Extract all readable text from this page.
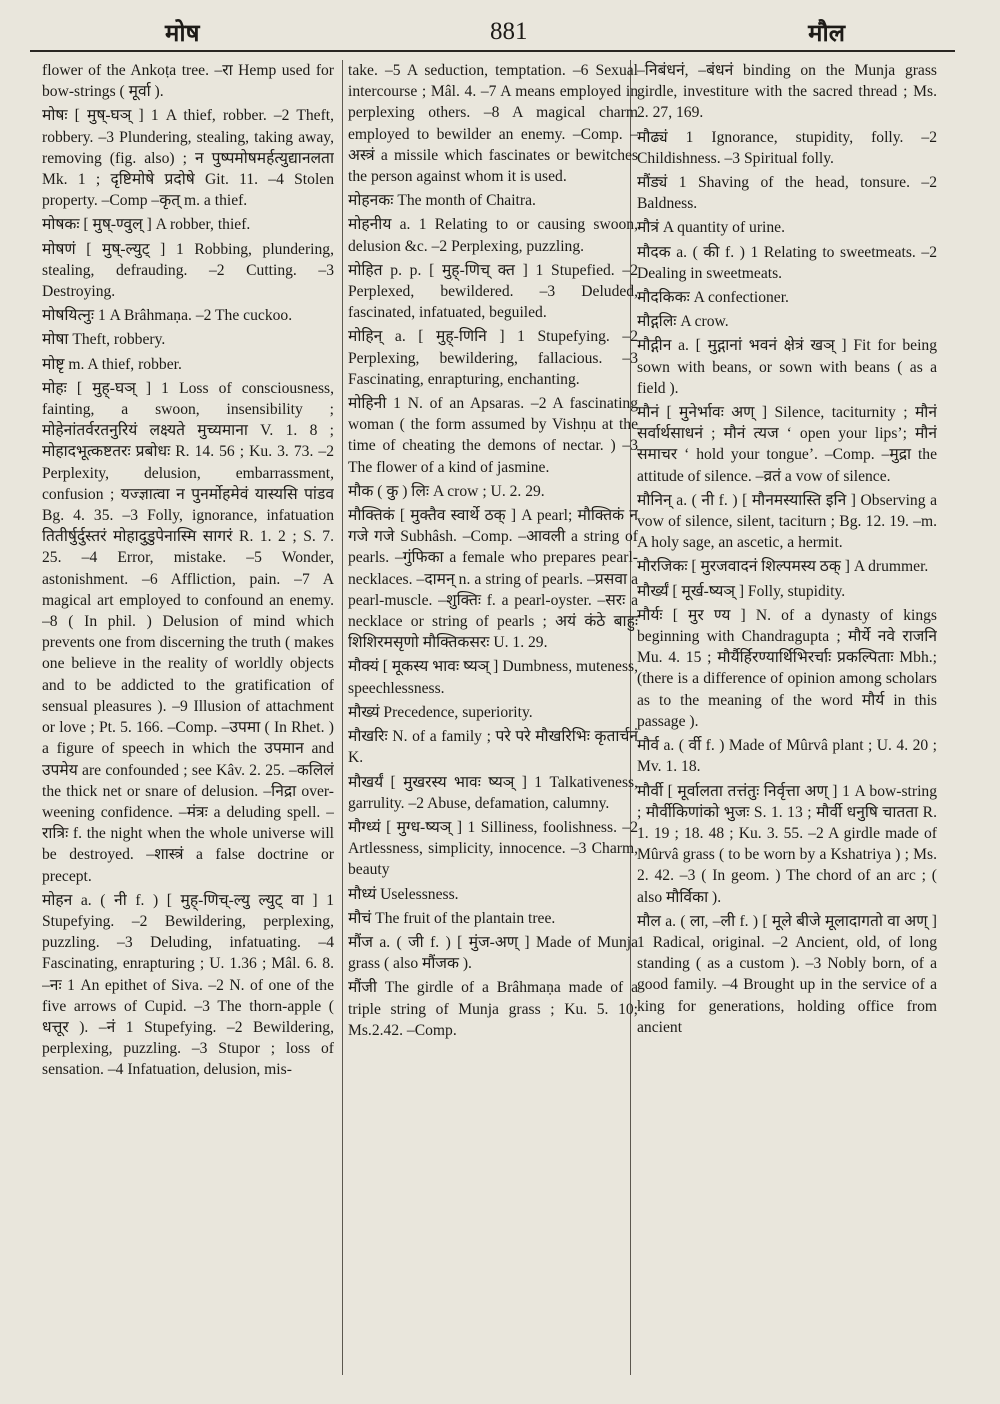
मोष	881	मौल

flower of the Ankoṭa tree. –रा Hemp used for bow-strings ( मूर्वा ).

मोषः [ मुष्-घञ् ] 1 A thief, robber. –2 Theft, robbery. –3 Plundering, stealing, taking away, removing (fig. also) ; न पुष्पमोषमर्हत्युद्यानलता Mk. 1 ; दृष्टिमोषे प्रदोषे Git. 11. –4 Stolen property. –Comp –कृत् m. a thief.

मोषकः [ मुष्-ण्वुल् ] A robber, thief.

मोषणं [ मुष्-ल्युट् ] 1 Robbing, plundering, stealing, defrauding. –2 Cutting. –3 Destroying.

मोषयित्नुः 1 A Brâhmaṇa. –2 The cuckoo.

मोषा Theft, robbery.

मोष्टृ m. A thief, robber.

मोहः [ मुह्-घञ् ] 1 Loss of consciousness, fainting, a swoon, insensibility ; मोहेनांतर्वरतनुरियं लक्ष्यते मुच्यमाना V. 1. 8 ; मोहादभूत्कष्टतरः प्रबोधः R. 14. 56 ; Ku. 3. 73. –2 Perplexity, delusion, embarrassment, confusion ; यज्ज्ञात्वा न पुनर्मोहमेवं यास्यसि पांडव Bg. 4. 35. –3 Folly, ignorance, infatuation तितीर्षुर्दुस्तरं मोहादुडुपेनास्मि सागरं R. 1. 2 ; S. 7. 25. –4 Error, mistake. –5 Wonder, astonishment. –6 Affliction, pain. –7 A magical art employed to confound an enemy. –8 ( In phil. ) Delusion of mind which prevents one from discerning the truth ( makes one believe in the reality of worldly objects and to be addicted to the gratification of sensual pleasures ). –9 Illusion of attachment or love ; Pt. 5. 166. –Comp. –उपमा ( In Rhet. ) a figure of speech in which the उपमान and उपमेय are confounded ; see Kâv. 2. 25. –कलिलं the thick net or snare of delusion. –निद्रा over-weening confidence. –मंत्रः a deluding spell. –रात्रिः f. the night when the whole universe will be destroyed. –शास्त्रं a false doctrine or precept.

मोहन a. ( नी f. ) [ मुह्-णिच्-ल्यु ल्युट् वा ] 1 Stupefying. –2 Bewildering, perplexing, puzzling. –3 Deluding, infatuating. –4 Fascinating, enrapturing ; U. 1.36 ; Mâl. 6. 8. –नः 1 An epithet of Siva. –2 N. of one of the five arrows of Cupid. –3 The thorn-apple ( धत्तूर ). –नं 1 Stupefying. –2 Bewildering, perplexing, puzzling. –3 Stupor ; loss of sensation. –4 Infatuation, delusion, mis-

take. –5 A seduction, temptation. –6 Sexual intercourse ; Mâl. 4. –7 A means employed in perplexing others. –8 A magical charm employed to bewilder an enemy. –Comp. –अस्त्रं a missile which fascinates or bewitches the person against whom it is used.

मोहनकः The month of Chaitra.

मोहनीय a. 1 Relating to or causing swoon, delusion &c. –2 Perplexing, puzzling.

मोहित p. p. [ मुह्-णिच् क्त ] 1 Stupefied. –2 Perplexed, bewildered. –3 Deluded, fascinated, infatuated, beguiled.

मोहिन् a. [ मुह्-णिनि ] 1 Stupefying. –2 Perplexing, bewildering, fallacious. –3 Fascinating, enrapturing, enchanting.

मोहिनी 1 N. of an Apsaras. –2 A fascinating woman ( the form assumed by Vishṇu at the time of cheating the demons of nectar. ) –3 The flower of a kind of jasmine.

मौक ( कु ) लिः A crow ; U. 2. 29.

मौक्तिकं [ मुक्तैव स्वार्थे ठक् ] A pearl; मौक्तिकं न गजे गजे Subhâsh. –Comp. –आवली a string of pearls. –गुंफिका a female who prepares pearl-necklaces. –दामन् n. a string of pearls. –प्रसवा a pearl-muscle. –शुक्तिः f. a pearl-oyster. –सरः a necklace or string of pearls ; अयं कंठे बाहुः शिशिरमसृणो मौक्तिकसरः U. 1. 29.

मौक्यं [ मूकस्य भावः ष्यञ् ] Dumbness, muteness, speechlessness.

मौख्यं Precedence, superiority.

मौखरिः N. of a family ; परे परे मौखरिभिः कृतार्चनं K.

मौखर्यं [ मुखरस्य भावः ष्यञ् ] 1 Talkativeness, garrulity. –2 Abuse, defamation, calumny.

मौग्ध्यं [ मुग्ध-ष्यञ् ] 1 Silliness, foolishness. –2 Artlessness, simplicity, innocence. –3 Charm, beauty

मौध्यं Uselessness.

मौचं The fruit of the plantain tree.

मौंज a. ( जी f. ) [ मुंज-अण् ] Made of Munja grass ( also मौंजक ).

मौंजी The girdle of a Brâhmaṇa made of a triple string of Munja grass ; Ku. 5. 10; Ms.2.42. –Comp.

–निबंधनं, –बंधनं binding on the Munja grass girdle, investiture with the sacred thread ; Ms. 2. 27, 169.

मौढ्यं 1 Ignorance, stupidity, folly. –2 Childishness. –3 Spiritual folly.

मौंड्यं 1 Shaving of the head, tonsure. –2 Baldness.

मौत्रं A quantity of urine.

मौदक a. ( की f. ) 1 Relating to sweetmeats. –2 Dealing in sweetmeats.

मौदकिकः A confectioner.

मौद्गलिः A crow.

मौद्गीन a. [ मुद्गानां भवनं क्षेत्रं खञ् ] Fit for being sown with beans, or sown with beans ( as a field ).

मौनं [ मुनेर्भावः अण् ] Silence, taciturnity ; मौनं सर्वार्थसाधनं ; मौनं त्यज ‘ open your lips’; मौनं समाचर ‘ hold your tongue’. –Comp. –मुद्रा the attitude of silence. –व्रतं a vow of silence.

मौनिन् a. ( नी f. ) [ मौनमस्यास्ति इनि ] Observing a vow of silence, silent, taciturn ; Bg. 12. 19. –m. A holy sage, an ascetic, a hermit.

मौरजिकः [ मुरजवादनं शिल्पमस्य ठक् ] A drummer.

मौर्ख्यं [ मूर्ख-ष्यञ् ] Folly, stupidity.

मौर्यः [ मुर ण्य ] N. of a dynasty of kings beginning with Chandragupta ; मौर्ये नवे राजनि Mu. 4. 15 ; मौर्यैर्हिरण्यार्थिभिरर्चाः प्रकल्पिताः Mbh.; (there is a difference of opinion among scholars as to the meaning of the word मौर्य in this passage ).

मौर्व a. ( र्वी f. ) Made of Mûrvâ plant ; U. 4. 20 ; Mv. 1. 18.

मौर्वी [ मूर्वालता तत्तंतुः निर्वृत्ता अण् ] 1 A bow-string ; मौर्वीकिणांको भुजः S. 1. 13 ; मौर्वी धनुषि चातता R. 1. 19 ; 18. 48 ; Ku. 3. 55. –2 A girdle made of Mûrvâ grass ( to be worn by a Kshatriya ) ; Ms. 2. 42. –3 ( In geom. ) The chord of an arc ; ( also मौर्विका ).

मौल a. ( ला, –ली f. ) [ मूले बीजे मूलादागतो वा अण् ] 1 Radical, original. –2 Ancient, old, of long standing ( as a custom ). –3 Nobly born, of a good family. –4 Brought up in the service of a king for generations, holding office from ancient
